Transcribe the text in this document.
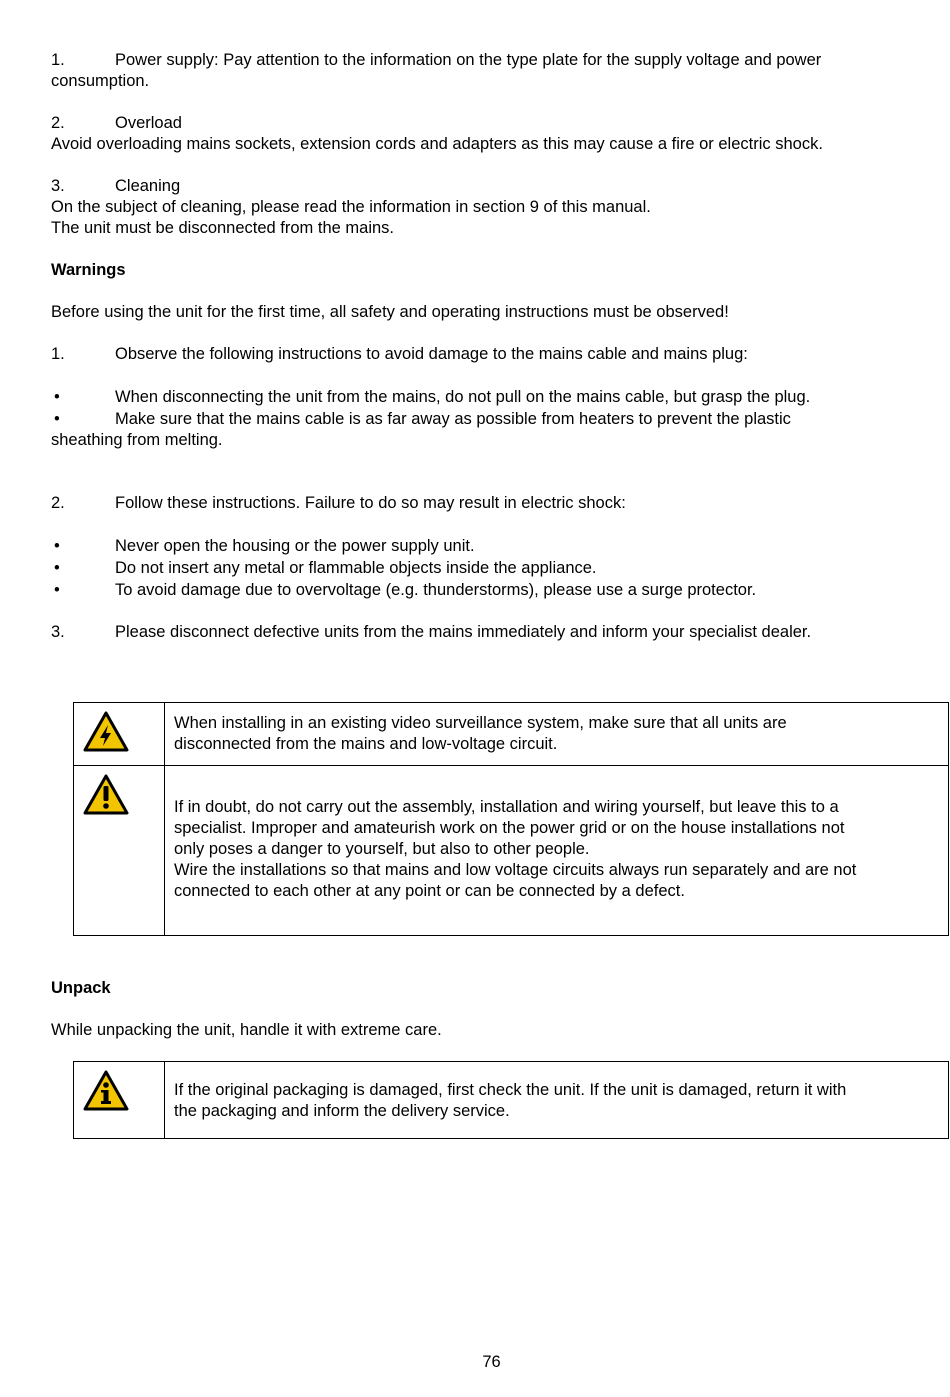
1.	Power supply: Pay attention to the information on the type plate for the supply voltage and power
consumption.
2.	Overload
Avoid overloading mains sockets, extension cords and adapters as this may cause a fire or electric shock.
3.	Cleaning
On the subject of cleaning, please read the information in section 9 of this manual.
The unit must be disconnected from the mains.
Warnings
Before using the unit for the first time, all safety and operating instructions must be observed!
1.	Observe the following instructions to avoid damage to the mains cable and mains plug:
•	When disconnecting the unit from the mains, do not pull on the mains cable, but grasp the plug.
•	Make sure that the mains cable is as far away as possible from heaters to prevent the plastic
sheathing from melting.
2.	Follow these instructions. Failure to do so may result in electric shock:
•	Never open the housing or the power supply unit.
•	Do not insert any metal or flammable objects inside the appliance.
•	To avoid damage due to overvoltage (e.g. thunderstorms), please use a surge protector.
3.	Please disconnect defective units from the mains immediately and inform your specialist dealer.

When installing in an existing video surveillance system, make sure that all units are
disconnected from the mains and low-voltage circuit.

If in doubt, do not carry out the assembly, installation and wiring yourself, but leave this to a
specialist. Improper and amateurish work on the power grid or on the house installations not
only poses a danger to yourself, but also to other people.
Wire the installations so that mains and low voltage circuits always run separately and are not
connected to each other at any point or can be connected by a defect.
Unpack
While unpacking the unit, handle it with extreme care.

If the original packaging is damaged, first check the unit. If the unit is damaged, return it with
the packaging and inform the delivery service.
76
